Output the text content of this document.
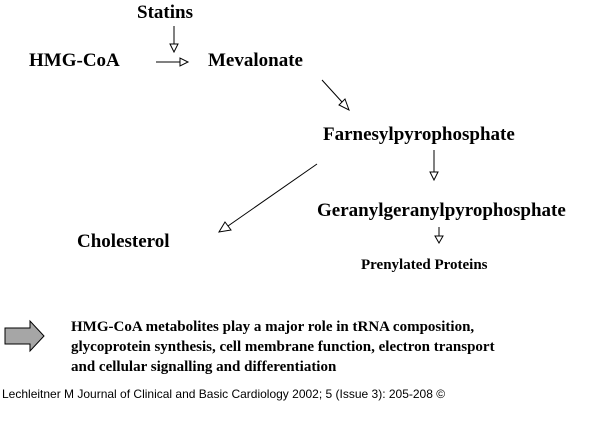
Statins
HMG-CoA	Mevalonate
Farnesylpyrophosphate
Geranylgeranylpyrophosphate
Cholesterol
Prenylated Proteins
HMG-CoA metabolites play a major role in tRNA composition,
glycoprotein synthesis, cell membrane function, electron transport
and cellular signalling and differentiation
Lechleitner M Journal of Clinical and Basic Cardiology 2002; 5 (Issue 3): 205-208 ©
